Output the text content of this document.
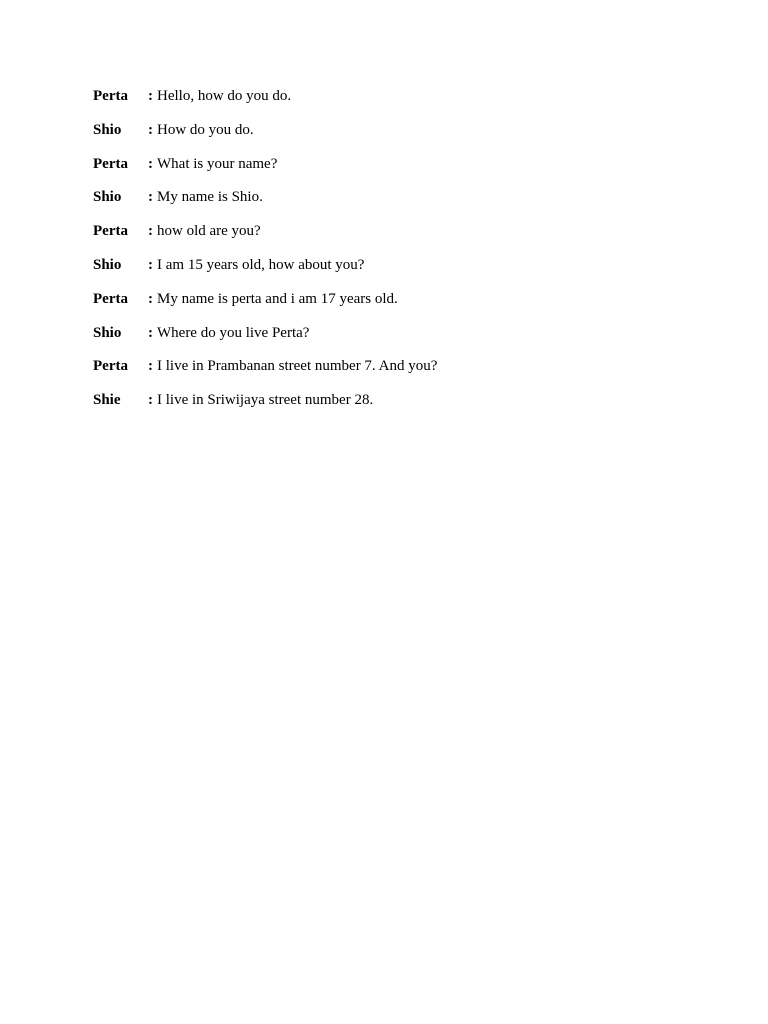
Perta	: Hello, how do you do.
Shio	: How do you do.
Perta	: What is your name?
Shio	: My name is Shio.
Perta	: how old are you?
Shio	: I am 15 years old, how about you?
Perta	: My name is perta and i am 17 years old.
Shio	: Where do you live Perta?
Perta	: I live in Prambanan street number 7. And you?
Shie	: I live in Sriwijaya street number 28.
